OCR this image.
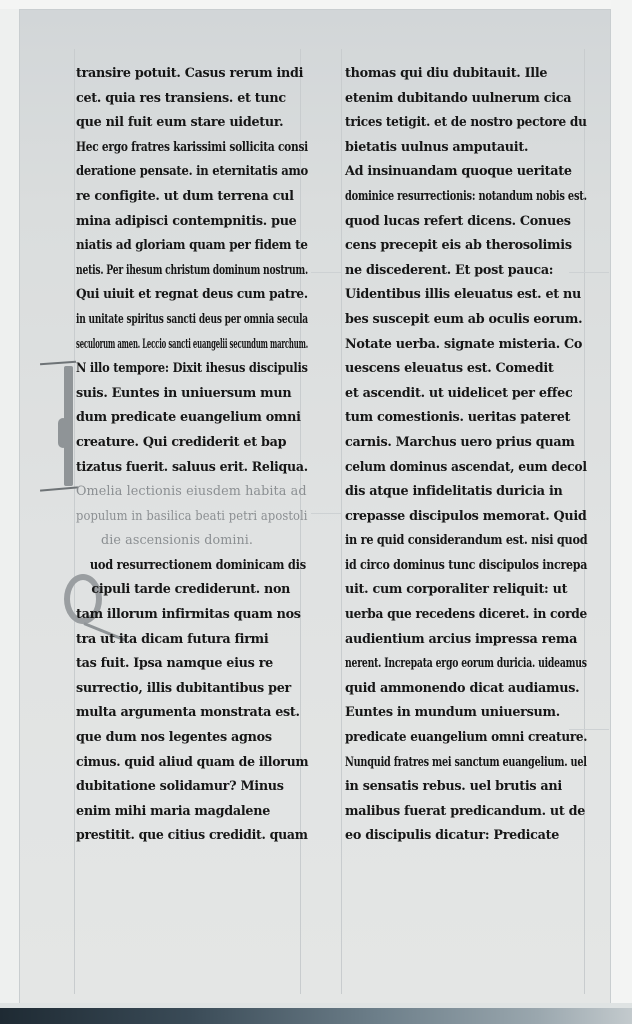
transire potuit. Casus rerum indi
cet. quia res transiens. et tunc
que nil fuit eum stare uidetur.
Hec ergo fratres karissimi sollicita consi
deratione pensate. in eternitatis amo
re configite. ut dum terrena cul
mina adipisci contempnitis. pue
niatis ad gloriam quam per fidem te
netis. Per ihesum christum dominum nostrum.
Qui uiuit et regnat deus cum patre.
in unitate spiritus sancti deus per omnia secula
seculorum amen. Leccio sancti euangelii secundum marchum.
N illo tempore: Dixit ihesus discipulis
suis. Euntes in uniuersum mun
dum predicate euangelium omni
creature. Qui crediderit et bap
tizatus fuerit. saluus erit. Reliqua.
Omelia lectionis eiusdem habita ad
populum in basilica beati petri apostoli
die ascensionis domini.
uod resurrectionem dominicam dis
cipuli tarde crediderunt. non
tam illorum infirmitas quam nos
tra ut ita dicam futura firmi
tas fuit. Ipsa namque eius re
surrectio, illis dubitantibus per
multa argumenta monstrata est.
que dum nos legentes agnos
cimus. quid aliud quam de illorum
dubitatione solidamur? Minus
enim mihi maria magdalene
prestitit. que citius credidit. quam
thomas qui diu dubitauit. Ille
etenim dubitando uulnerum cica
trices tetigit. et de nostro pectore du
bietatis uulnus amputauit.
Ad insinuandam quoque ueritate
dominice resurrectionis: notandum nobis est.
quod lucas refert dicens. Conues
cens precepit eis ab therosolimis
ne discederent. Et post pauca:
Uidentibus illis eleuatus est. et nu
bes suscepit eum ab oculis eorum.
Notate uerba. signate misteria. Co
uescens eleuatus est. Comedit
et ascendit. ut uidelicet per effec
tum comestionis. ueritas pateret
carnis. Marchus uero prius quam
celum dominus ascendat, eum decol
dis atque infidelitatis duricia in
crepasse discipulos memorat. Quid
in re quid considerandum est. nisi quod
id circo dominus tunc discipulos increpa
uit. cum corporaliter reliquit: ut
uerba que recedens diceret. in corde
audientium arcius impressa rema
nerent. Increpata ergo eorum duricia. uideamus
quid ammonendo dicat audiamus.
Euntes in mundum uniuersum.
predicate euangelium omni creature.
Nunquid fratres mei sanctum euangelium. uel
in sensatis rebus. uel brutis ani
malibus fuerat predicandum. ut de
eo discipulis dicatur: Predicate
